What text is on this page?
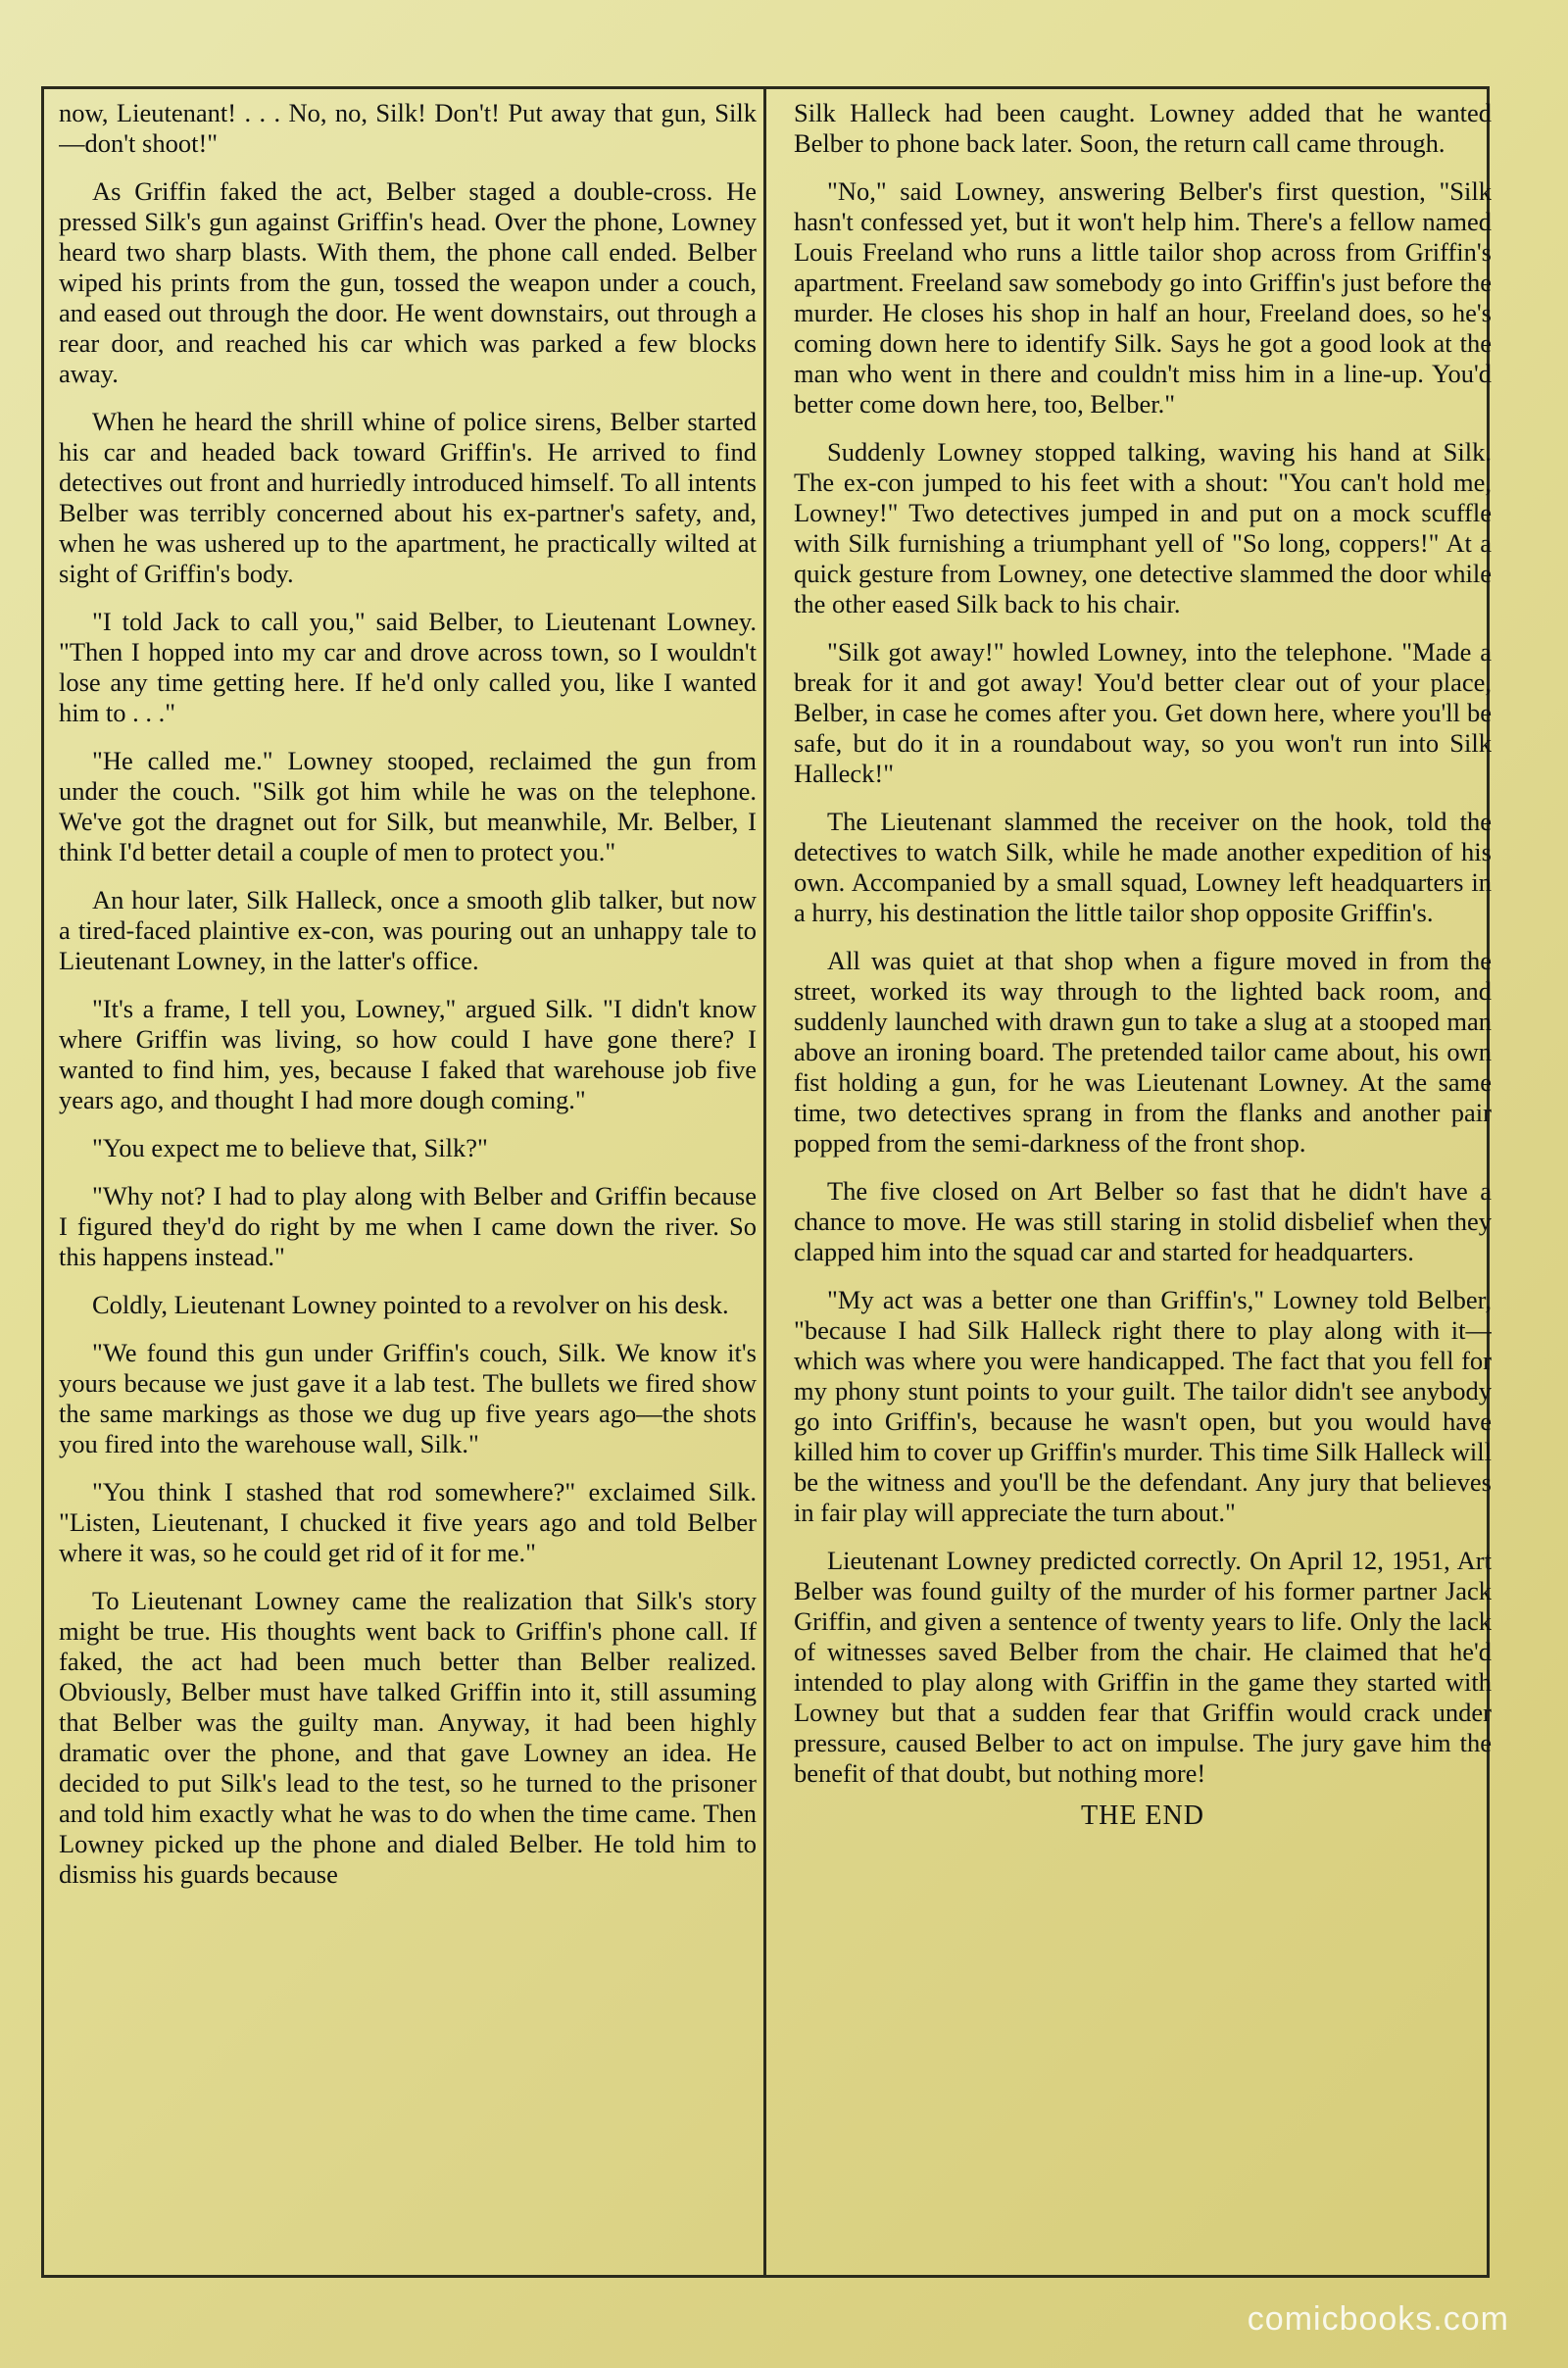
now, Lieutenant! . . . No, no, Silk! Don't! Put away that gun, Silk—don't shoot!"

As Griffin faked the act, Belber staged a double-cross. He pressed Silk's gun against Griffin's head. Over the phone, Lowney heard two sharp blasts. With them, the phone call ended. Belber wiped his prints from the gun, tossed the weapon under a couch, and eased out through the door. He went downstairs, out through a rear door, and reached his car which was parked a few blocks away.

When he heard the shrill whine of police sirens, Belber started his car and headed back toward Griffin's. He arrived to find detectives out front and hurriedly introduced himself. To all intents Belber was terribly concerned about his ex-partner's safety, and, when he was ushered up to the apartment, he practically wilted at sight of Griffin's body.

"I told Jack to call you," said Belber, to Lieutenant Lowney. "Then I hopped into my car and drove across town, so I wouldn't lose any time getting here. If he'd only called you, like I wanted him to . . ."

"He called me." Lowney stooped, reclaimed the gun from under the couch. "Silk got him while he was on the telephone. We've got the dragnet out for Silk, but meanwhile, Mr. Belber, I think I'd better detail a couple of men to protect you."

An hour later, Silk Halleck, once a smooth glib talker, but now a tired-faced plaintive ex-con, was pouring out an unhappy tale to Lieutenant Lowney, in the latter's office.

"It's a frame, I tell you, Lowney," argued Silk. "I didn't know where Griffin was living, so how could I have gone there? I wanted to find him, yes, because I faked that warehouse job five years ago, and thought I had more dough coming."

"You expect me to believe that, Silk?"

"Why not? I had to play along with Belber and Griffin because I figured they'd do right by me when I came down the river. So this happens instead."

Coldly, Lieutenant Lowney pointed to a revolver on his desk.

"We found this gun under Griffin's couch, Silk. We know it's yours because we just gave it a lab test. The bullets we fired show the same markings as those we dug up five years ago—the shots you fired into the warehouse wall, Silk."

"You think I stashed that rod somewhere?" exclaimed Silk. "Listen, Lieutenant, I chucked it five years ago and told Belber where it was, so he could get rid of it for me."

To Lieutenant Lowney came the realization that Silk's story might be true. His thoughts went back to Griffin's phone call. If faked, the act had been much better than Belber realized. Obviously, Belber must have talked Griffin into it, still assuming that Belber was the guilty man. Anyway, it had been highly dramatic over the phone, and that gave Lowney an idea. He decided to put Silk's lead to the test, so he turned to the prisoner and told him exactly what he was to do when the time came. Then Lowney picked up the phone and dialed Belber. He told him to dismiss his guards because

Silk Halleck had been caught. Lowney added that he wanted Belber to phone back later. Soon, the return call came through.

"No," said Lowney, answering Belber's first question, "Silk hasn't confessed yet, but it won't help him. There's a fellow named Louis Freeland who runs a little tailor shop across from Griffin's apartment. Freeland saw somebody go into Griffin's just before the murder. He closes his shop in half an hour, Freeland does, so he's coming down here to identify Silk. Says he got a good look at the man who went in there and couldn't miss him in a line-up. You'd better come down here, too, Belber."

Suddenly Lowney stopped talking, waving his hand at Silk. The ex-con jumped to his feet with a shout: "You can't hold me, Lowney!" Two detectives jumped in and put on a mock scuffle with Silk furnishing a triumphant yell of "So long, coppers!" At a quick gesture from Lowney, one detective slammed the door while the other eased Silk back to his chair.

"Silk got away!" howled Lowney, into the telephone. "Made a break for it and got away! You'd better clear out of your place, Belber, in case he comes after you. Get down here, where you'll be safe, but do it in a roundabout way, so you won't run into Silk Halleck!"

The Lieutenant slammed the receiver on the hook, told the detectives to watch Silk, while he made another expedition of his own. Accompanied by a small squad, Lowney left headquarters in a hurry, his destination the little tailor shop opposite Griffin's.

All was quiet at that shop when a figure moved in from the street, worked its way through to the lighted back room, and suddenly launched with drawn gun to take a slug at a stooped man above an ironing board. The pretended tailor came about, his own fist holding a gun, for he was Lieutenant Lowney. At the same time, two detectives sprang in from the flanks and another pair popped from the semi-darkness of the front shop.

The five closed on Art Belber so fast that he didn't have a chance to move. He was still staring in stolid disbelief when they clapped him into the squad car and started for headquarters.

"My act was a better one than Griffin's," Lowney told Belber, "because I had Silk Halleck right there to play along with it—which was where you were handicapped. The fact that you fell for my phony stunt points to your guilt. The tailor didn't see anybody go into Griffin's, because he wasn't open, but you would have killed him to cover up Griffin's murder. This time Silk Halleck will be the witness and you'll be the defendant. Any jury that believes in fair play will appreciate the turn about."

Lieutenant Lowney predicted correctly. On April 12, 1951, Art Belber was found guilty of the murder of his former partner Jack Griffin, and given a sentence of twenty years to life. Only the lack of witnesses saved Belber from the chair. He claimed that he'd intended to play along with Griffin in the game they started with Lowney but that a sudden fear that Griffin would crack under pressure, caused Belber to act on impulse. The jury gave him the benefit of that doubt, but nothing more!

THE END
comicbooks.com
